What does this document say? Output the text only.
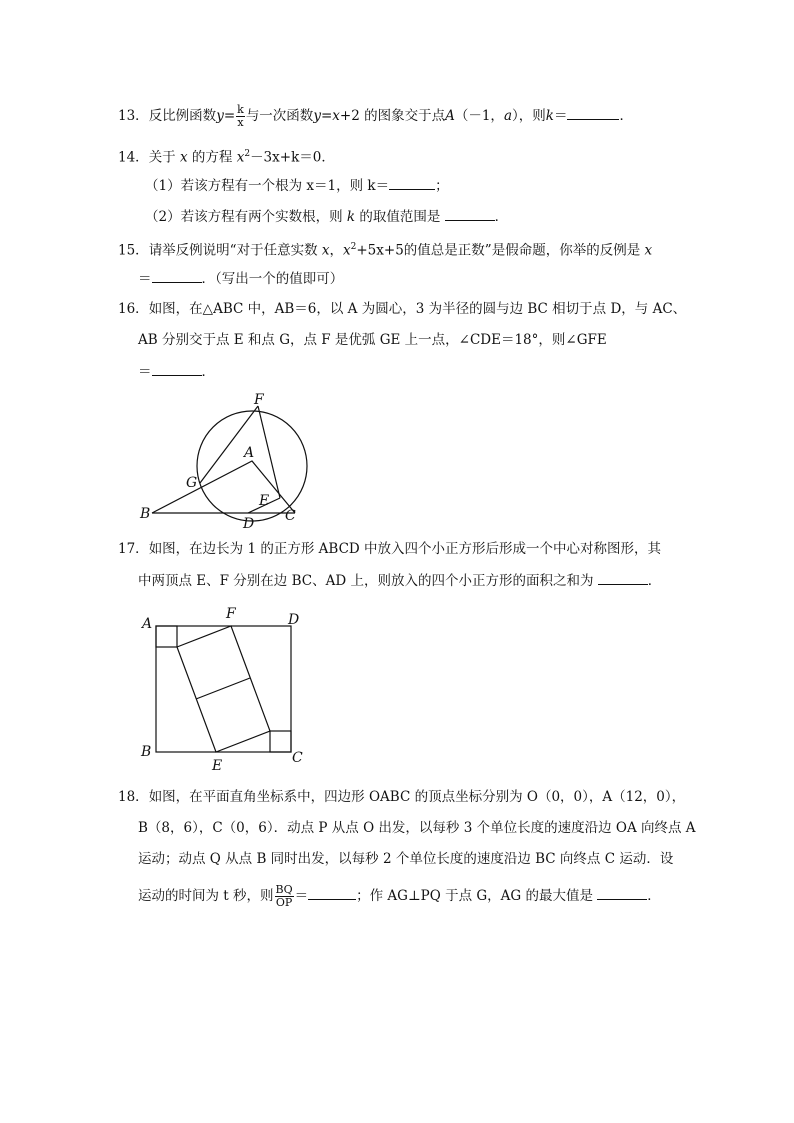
13．反比例函数$y= \frac{k}{x}$ 与一次函数y=x+2 的图象交于点A（－1，a），则k＝	．
14．关于 x 的方程 $x^2-3x+k=0$．
（1）若该方程有一个根为 x＝1，则 k＝	；
（2）若该方程有两个实数根，则 k 的取值范围是	．
15．请举反例说明“对于任意实数 x，$x^2+5x+5$的值总是正数”是假命题，你举的反例是 x
＝	．（写出一个的值即可）
16．如图，在△ABC 中，AB＝6，以 A 为圆心，3 为半径的圆与边 BC 相切于点 D，与 AC、
AB 分别交于点 E 和点 G，点 F 是优弧 GE 上一点，∠CDE＝18°，则∠GFE
＝	．
F
A
G
E
B
D C
17．如图，在边长为 1 的正方形 ABCD 中放入四个小正方形后形成一个中心对称图形，其
中两顶点 E、F 分别在边 BC、AD 上，则放入的四个小正方形的面积之和为	．
A
F	D
B
E	C
18．如图，在平面直角坐标系中，四边形 OABC 的顶点坐标分别为 O（0，0），A（12，0），
B（8，6），C（0，6）．动点 P 从点 O 出发，以每秒 3 个单位长度的速度沿边 OA 向终点 A
运动；动点 Q 从点 B 同时出发，以每秒 2 个单位长度的速度沿边 BC 向终点 C 运动．设
运动的时间为 t 秒，则 $\frac{BQ}{OP}$ ＝	；作 AG⊥PQ 于点 G，AG 的最大值是	．
